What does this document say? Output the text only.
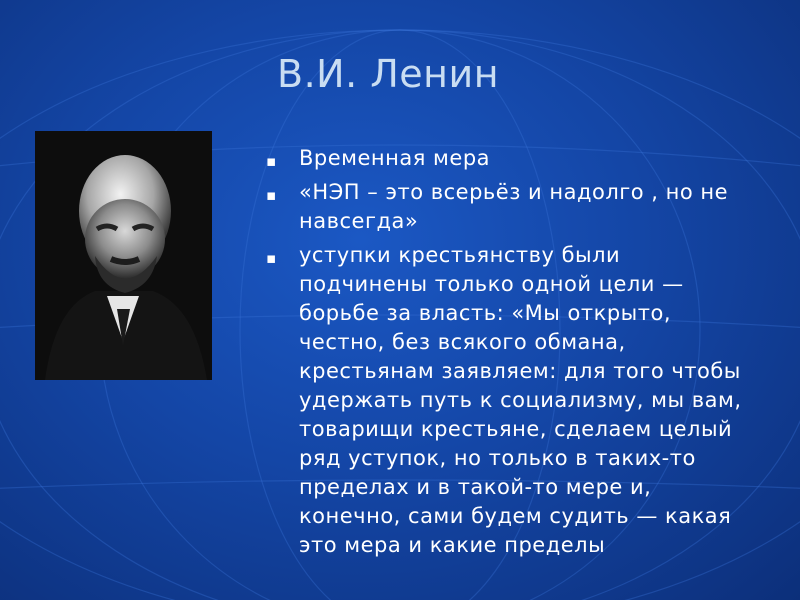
В.И. Ленин
▪ Временная мера
▪ «НЭП – это всерьёз и надолго , но не навсегда»
▪ уступки крестьянству были подчинены только одной цели — борьбе за власть: «Мы открыто, честно, без всякого обмана, крестьянам заявляем: для того чтобы удержать путь к социализму, мы вам, товарищи крестьяне, сделаем целый ряд уступок, но только в таких-то пределах и в такой-то мере и, конечно, сами будем судить — какая это мера и какие пределы
